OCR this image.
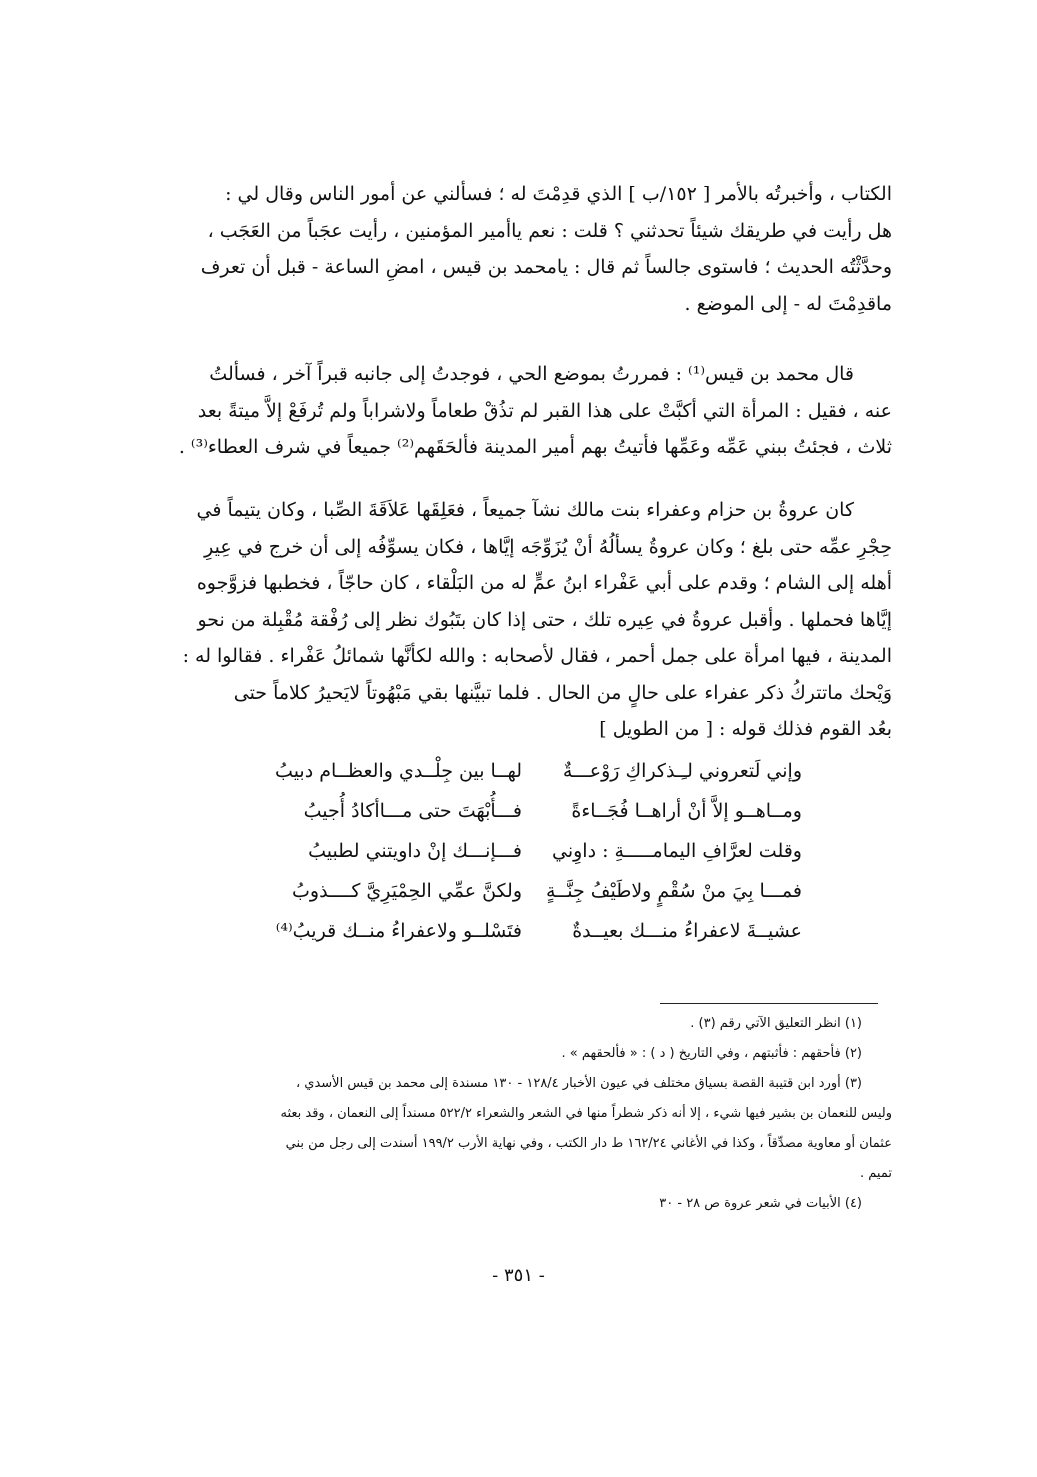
الكتاب ، وأخبرتُه بالأمر [ ١٥٢/ب ] الذي قدِمْتَ له ؛ فسألني عن أمور الناس وقال لي :
هل رأيت في طريقك شيئاً تحدثني ؟ قلت : نعم ياأمير المؤمنين ، رأيت عجَباً من العَجَب ،
وحدَّثْتُه الحديث ؛ فاستوى جالساً ثم قال : يامحمد بن قيس ، امضِ الساعة - قبل أن تعرف
ماقدِمْتَ له - إلى الموضع .
قال محمد بن قيس⁽¹⁾ : فمررتُ بموضع الحي ، فوجدتُ إلى جانبه قبراً آخر ، فسألتُ
عنه ، فقيل : المرأة التي أكبَّتْ على هذا القبر لم تذُقْ طعاماً ولاشراباً ولم تُرفَعْ إلاَّ ميتةً بعد
ثلاث ، فجئتُ ببني عَمِّه وعَمِّها فأتيتُ بهم أمير المدينة فألحَقَهم⁽²⁾ جميعاً في شرف العطاء⁽³⁾ .
كان عروةُ بن حزام وعفراء بنت مالك نشآ جميعاً ، فعَلِقَها عَلاَقَةَ الصِّبا ، وكان يتيماً في
حِجْرِ عمِّه حتى بلغ ؛ وكان عروةُ يسألُهُ أنْ يُزَوِّجَه إيَّاها ، فكان يسوِّفُه إلى أن خرج في عِيرِ
أهله إلى الشام ؛ وقدم على أبي عَفْراء ابنُ عمٍّ له من البَلْقاء ، كان حاجّاً ، فخطبها فزوَّجوه
إيَّاها فحملها . وأقبل عروةُ في عِيره تلك ، حتى إذا كان بتَبُوك نظر إلى رُفْقة مُقْبِلة من نحو
المدينة ، فيها امرأة على جمل أحمر ، فقال لأصحابه : والله لكأنَّها شمائلُ عَفْراء . فقالوا له :
وَيْحك ماتتركُ ذكر عفراء على حالٍ من الحال . فلما تبيَّنها بقي مَبْهُوتاً لايَحيرُ كلاماً حتى
بعُد القوم فذلك قوله : [ من الطويل ]
وإني لَتعروني لـِـذكراكِ رَوْعـــةٌ
لهــا بين جِلْــدي والعظــام دبيبُ
ومــاهــو إلاَّ أنْ أراهــا فُجَــاءةً
فـــأُبْهَتَ حتى مـــاأكادُ أُجيبُ
وقلت لعرَّافِ اليمامـــــةِ : داوِني
فـــإنـــك إنْ داويتني لطبيبُ
فمـــا بِيَ منْ سُقْمٍ ولاطَيْفُ جِنَّــةٍ
ولكنَّ عمِّي الحِمْيَرِيَّ كــــذوبُ
عشيــةَ لاعفراءُ منـــك بعيــدةٌ
فتَسْلــو ولاعفراءُ منــك قريبُ⁽⁴⁾
(١) انظر التعليق الآتي رقم (٣) .
(٢) فأحقهم : فأثبتهم ، وفي التاريخ ( د ) : « فألحقهم » .
(٣) أورد ابن قتيبة القصة بسياق مختلف في عيون الأخبار ١٢٨/٤ - ١٣٠ مسندة إلى محمد بن قيس الأسدي ،
وليس للنعمان بن بشير فيها شيء ، إلا أنه ذكر شطراً منها في الشعر والشعراء ٥٢٢/٢ مسنداً إلى النعمان ، وقد بعثه
عثمان أو معاوية مصدِّقاً ، وكذا في الأغاني ١٦٢/٢٤ ط دار الكتب ، وفي نهاية الأرب ١٩٩/٢ أسندت إلى رجل من بني
تميم .
(٤) الأبيات في شعر عروة ص ٢٨ - ٣٠
- ٣٥١ -
